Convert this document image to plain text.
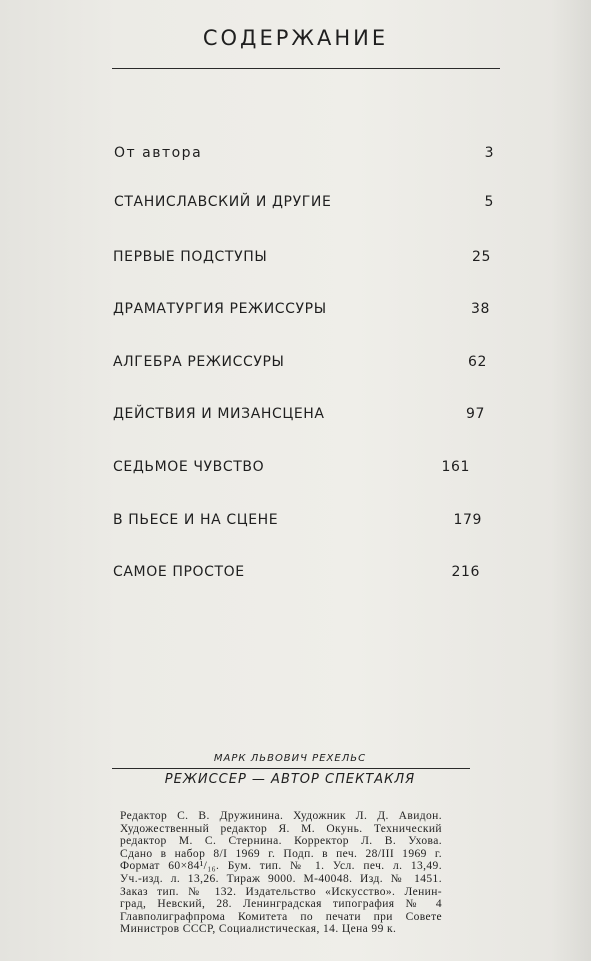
СОДЕРЖАНИЕ
От автора	3
СТАНИСЛАВСКИЙ И ДРУГИЕ	5
ПЕРВЫЕ ПОДСТУПЫ	25
ДРАМАТУРГИЯ РЕЖИССУРЫ	38
АЛГЕБРА РЕЖИССУРЫ	62
ДЕЙСТВИЯ И МИЗАНСЦЕНА	97
СЕДЬМОЕ ЧУВСТВО	161
В ПЬЕСЕ И НА СЦЕНЕ	179
САМОЕ ПРОСТОЕ	216
МАРК ЛЬВОВИЧ РЕХЕЛЬС
РЕЖИССЕР — АВТОР СПЕКТАКЛЯ
Редактор С. В. Дружинина. Художник Л. Д. Авидон.
Художественный редактор Я. М. Окунь. Технический
редактор М. С. Стернина. Корректор Л. В. Ухова.
Сдано в набор 8/I 1969 г. Подп. в печ. 28/III 1969 г.
Формат 60×84¹/₁₆. Бум. тип. № 1. Усл. печ. л. 13,49.
Уч.-изд. л. 13,26. Тираж 9000. М-40048. Изд. № 1451.
Заказ тип. № 132. Издательство «Искусство». Ленин-
град, Невский, 28. Ленинградская типография № 4
Главполиграфпрома Комитета по печати при Совете
Министров СССР, Социалистическая, 14. Цена 99 к.
